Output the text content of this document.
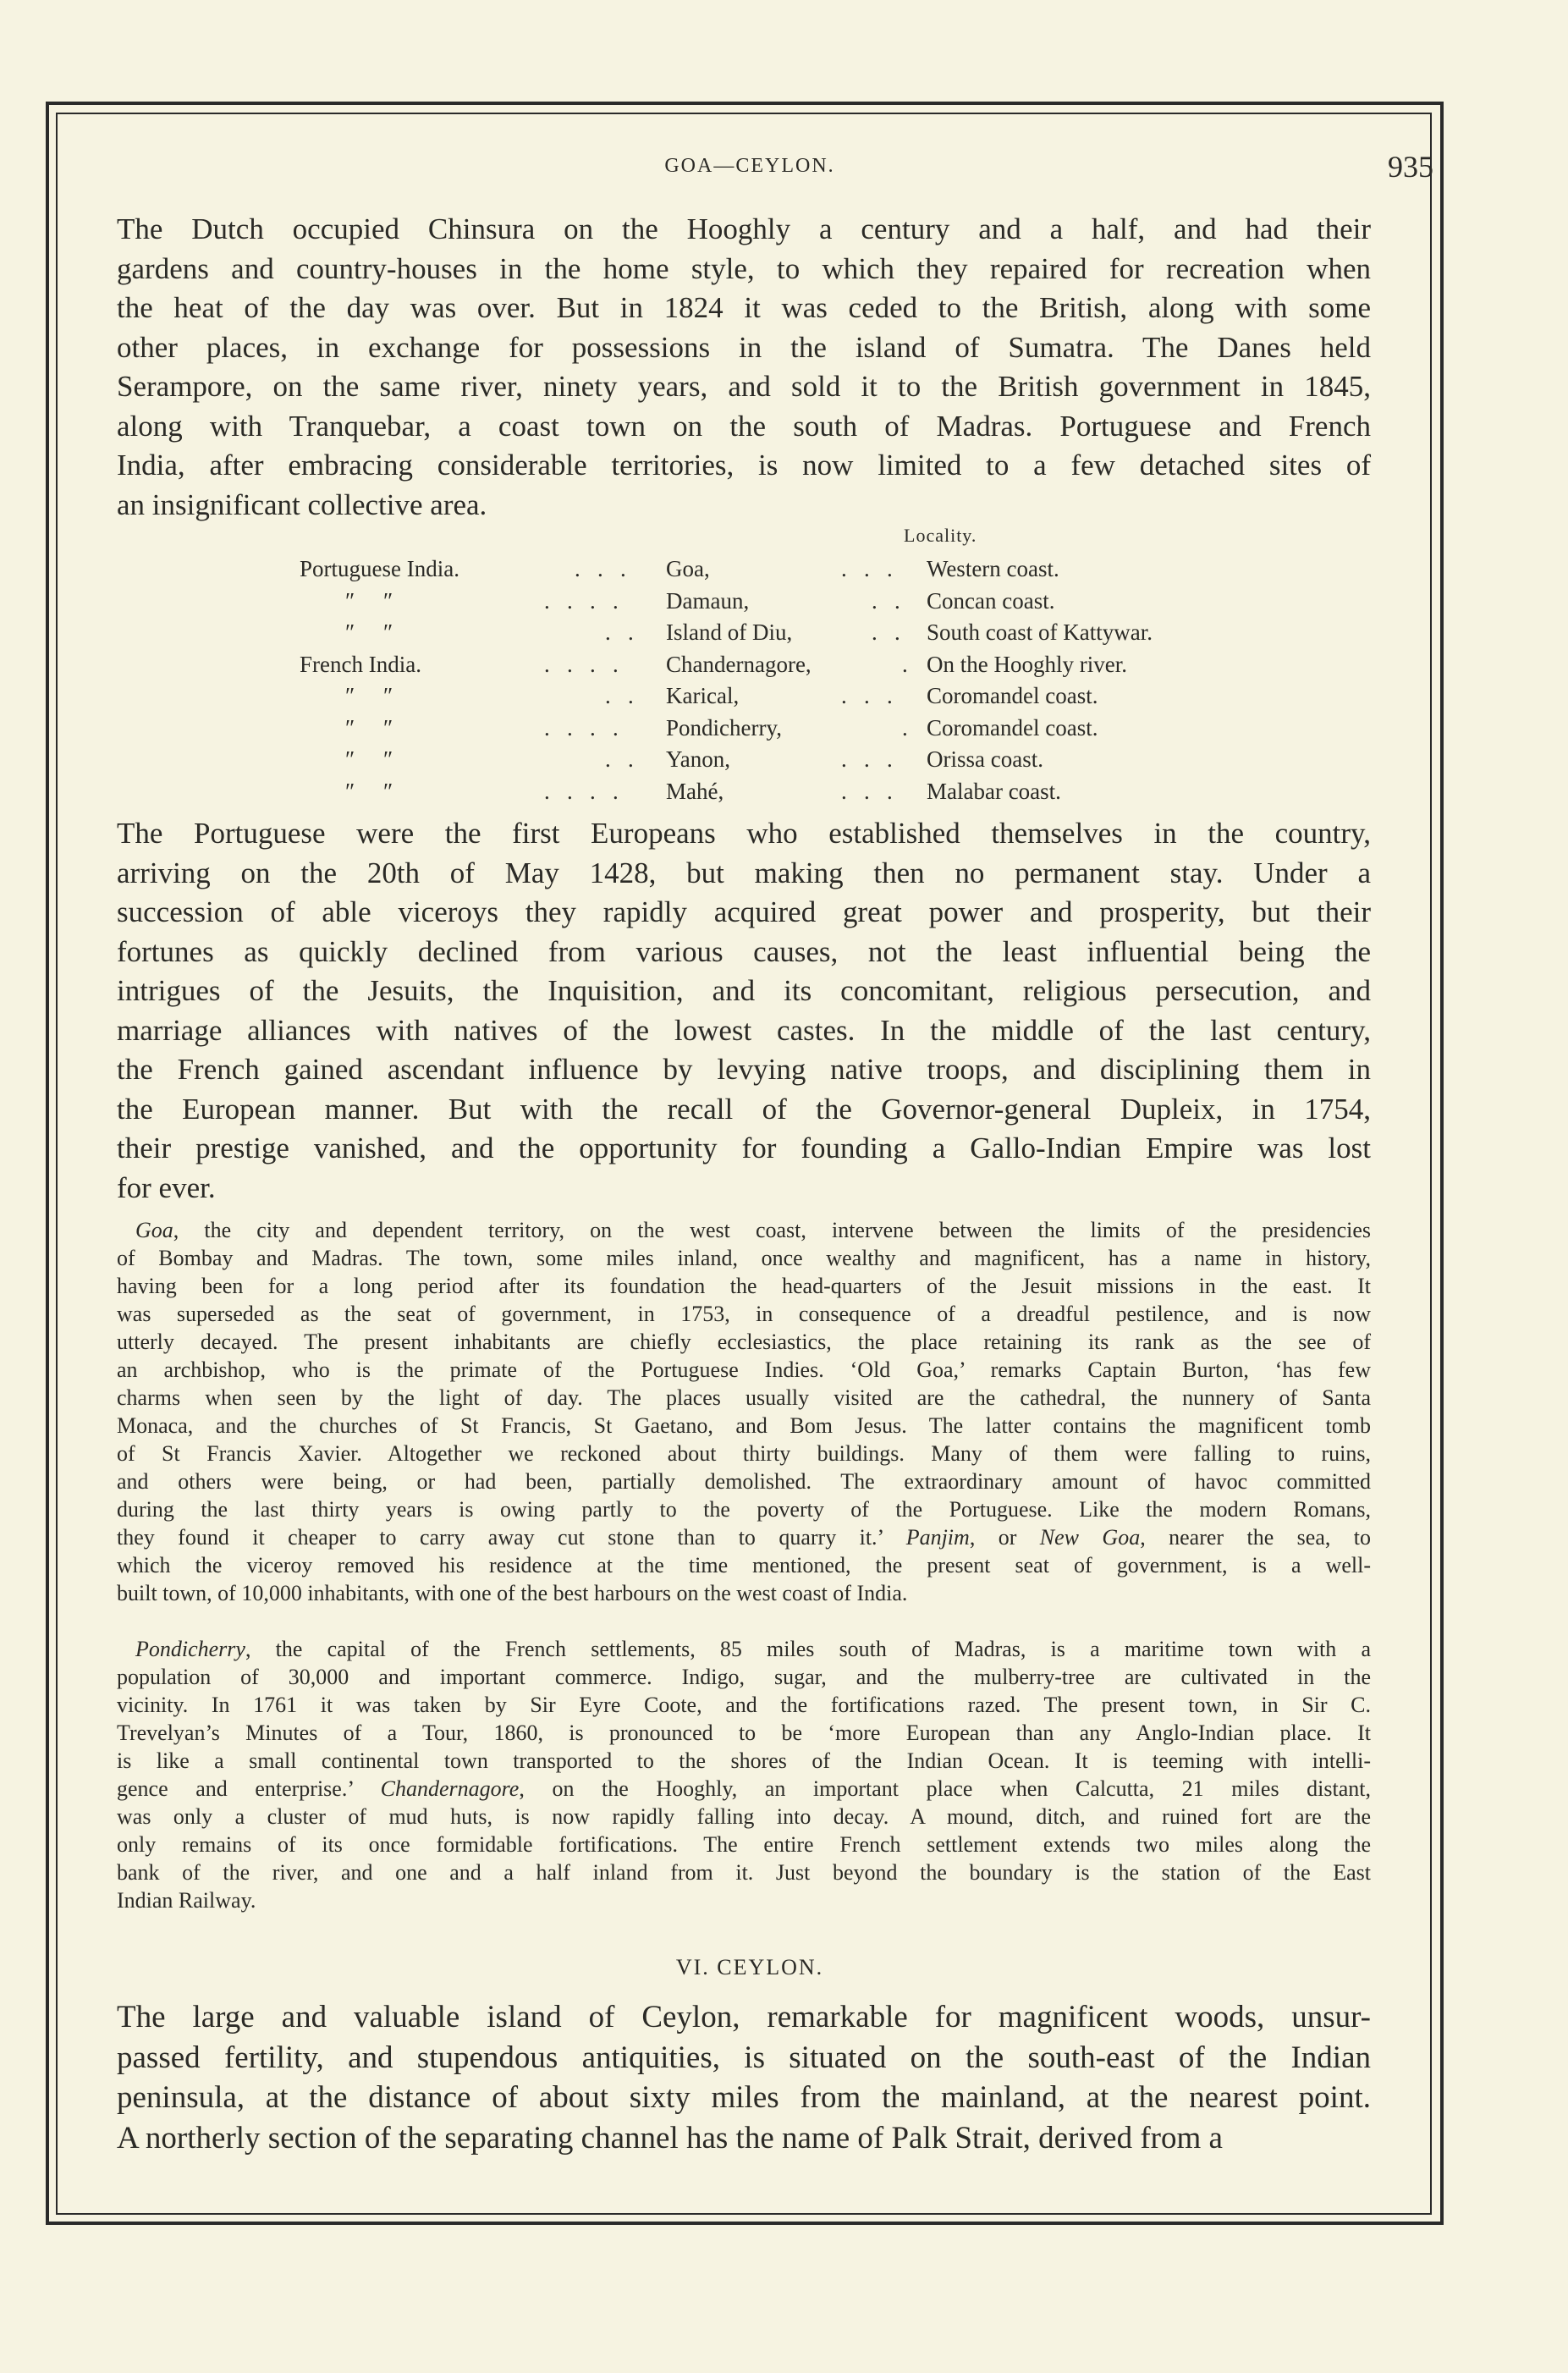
GOA—CEYLON.	935
The Dutch occupied Chinsura on the Hooghly a century and a half, and had their
gardens and country-houses in the home style, to which they repaired for recreation when
the heat of the day was over. But in 1824 it was ceded to the British, along with some
other places, in exchange for possessions in the island of Sumatra. The Danes held
Serampore, on the same river, ninety years, and sold it to the British government in 1845,
along with Tranquebar, a coast town on the south of Madras. Portuguese and French
India, after embracing considerable territories, is now limited to a few detached sites of
an insignificant collective area.
Locality.
Portuguese India.	.   .   . Goa,	.   .   . Western coast.
″     ″	.   .   .   . Damaun,	.   . Concan coast.
″     ″	.   . Island of Diu,	.   . South coast of Kattywar.
French India.	.   .   .   . Chandernagore,	. On the Hooghly river.
″     ″	.   . Karical,	.   .   . Coromandel coast.
″     ″	.   .   .   . Pondicherry,	. Coromandel coast.
″     ″	.   . Yanon,	.   .   . Orissa coast.
″     ″	.   .   .   . Mahé,	.   .   . Malabar coast.
The Portuguese were the first Europeans who established themselves in the country,
arriving on the 20th of May 1428, but making then no permanent stay. Under a
succession of able viceroys they rapidly acquired great power and prosperity, but their
fortunes as quickly declined from various causes, not the least influential being the
intrigues of the Jesuits, the Inquisition, and its concomitant, religious persecution, and
marriage alliances with natives of the lowest castes. In the middle of the last century,
the French gained ascendant influence by levying native troops, and disciplining them in
the European manner. But with the recall of the Governor-general Dupleix, in 1754,
their prestige vanished, and the opportunity for founding a Gallo-Indian Empire was lost
for ever.
Goa, the city and dependent territory, on the west coast, intervene between the limits of the presidencies
of Bombay and Madras. The town, some miles inland, once wealthy and magnificent, has a name in history,
having been for a long period after its foundation the head-quarters of the Jesuit missions in the east. It
was superseded as the seat of government, in 1753, in consequence of a dreadful pestilence, and is now
utterly decayed. The present inhabitants are chiefly ecclesiastics, the place retaining its rank as the see of
an archbishop, who is the primate of the Portuguese Indies. ‘Old Goa,’ remarks Captain Burton, ‘has few
charms when seen by the light of day. The places usually visited are the cathedral, the nunnery of Santa
Monaca, and the churches of St Francis, St Gaetano, and Bom Jesus. The latter contains the magnificent tomb
of St Francis Xavier. Altogether we reckoned about thirty buildings. Many of them were falling to ruins,
and others were being, or had been, partially demolished. The extraordinary amount of havoc committed
during the last thirty years is owing partly to the poverty of the Portuguese. Like the modern Romans,
they found it cheaper to carry away cut stone than to quarry it.’ Panjim, or New Goa, nearer the sea, to
which the viceroy removed his residence at the time mentioned, the present seat of government, is a well-
built town, of 10,000 inhabitants, with one of the best harbours on the west coast of India.
Pondicherry, the capital of the French settlements, 85 miles south of Madras, is a maritime town with a
population of 30,000 and important commerce. Indigo, sugar, and the mulberry-tree are cultivated in the
vicinity. In 1761 it was taken by Sir Eyre Coote, and the fortifications razed. The present town, in Sir C.
Trevelyan’s Minutes of a Tour, 1860, is pronounced to be ‘more European than any Anglo-Indian place. It
is like a small continental town transported to the shores of the Indian Ocean. It is teeming with intelli-
gence and enterprise.’ Chandernagore, on the Hooghly, an important place when Calcutta, 21 miles distant,
was only a cluster of mud huts, is now rapidly falling into decay. A mound, ditch, and ruined fort are the
only remains of its once formidable fortifications. The entire French settlement extends two miles along the
bank of the river, and one and a half inland from it. Just beyond the boundary is the station of the East
Indian Railway.
VI. CEYLON.
The large and valuable island of Ceylon, remarkable for magnificent woods, unsur-
passed fertility, and stupendous antiquities, is situated on the south-east of the Indian
peninsula, at the distance of about sixty miles from the mainland, at the nearest point.
A northerly section of the separating channel has the name of Palk Strait, derived from a
